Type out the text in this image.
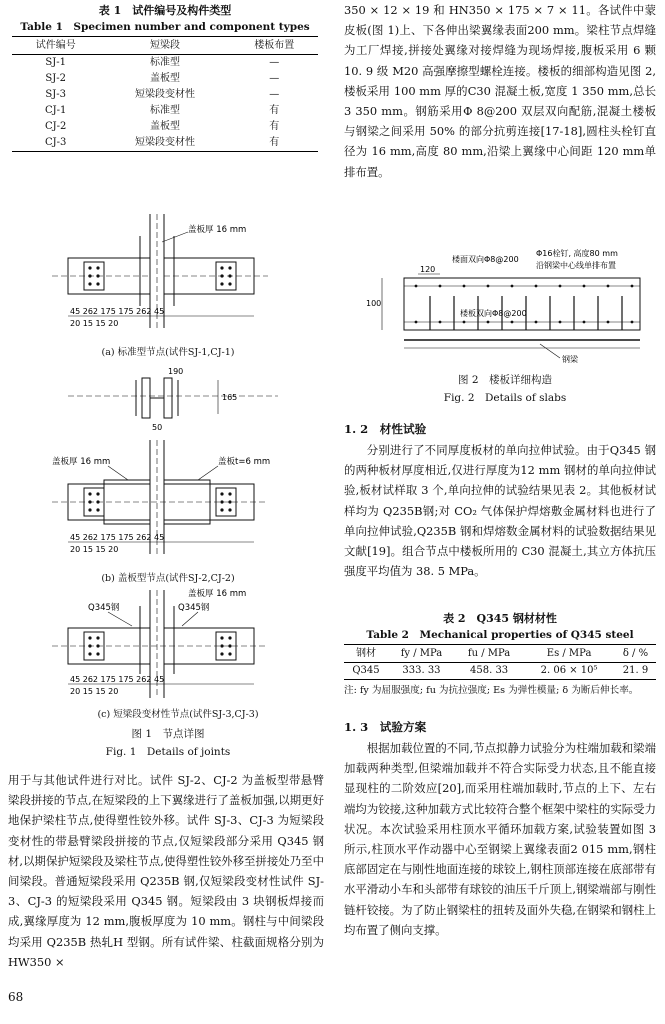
表 1　试件编号及构件类型
Table 1　Specimen number and component types
试件编号	短梁段	楼板布置
SJ-1	标准型	—
SJ-2	盖板型	—
SJ-3	短梁段变材性	—
CJ-1	标准型	有
CJ-2	盖板型	有
CJ-3	短梁段变材性	有
盖板厚 16 mm
45 262 175 175 262 45
20 15 15 20
(a) 标准型节点(试件SJ-1,CJ-1)
190
50
165
盖板厚 16 mm	盖板t=6 mm
45 262 175 175 262 45
20 15 15 20
(b) 盖板型节点(试件SJ-2,CJ-2)
盖板厚 16 mm
Q345钢	Q345钢
45 262 175 175 262 45
20 15 15 20
(c) 短梁段变材性节点(试件SJ-3,CJ-3)
图 1　节点详图
Fig. 1　Details of joints

用于与其他试件进行对比。试件 SJ-2、CJ-2 为盖板型带悬臂梁段拼接的节点,在短梁段的上下翼缘进行了盖板加强,以期更好地保护梁柱节点,使得塑性铰外移。试件 SJ-3、CJ-3 为短梁段变材性的带悬臂梁段拼接的节点,仅短梁段部分采用 Q345 钢材,以期保护短梁段及梁柱节点,使得塑性铰外移至拼接处乃至中间梁段。普通短梁段采用 Q235B 钢,仅短梁段变材性试件 SJ-3、CJ-3 的短梁段采用 Q345 钢。短梁段由 3 块钢板焊接而成,翼缘厚度为 12 mm,腹板厚度为 10 mm。钢柱与中间梁段均采用 Q235B 热轧H 型钢。所有试件梁、柱截面规格分别为 HW350 ×

350 × 12 × 19 和 HN350 × 175 × 7 × 11。各试件中蒙皮板(图 1)上、下各伸出梁翼缘表面200 mm。梁柱节点焊缝为工厂焊接,拼接处翼缘对接焊缝为现场焊接,腹板采用 6 颗10. 9 级 M20 高强摩擦型螺栓连接。楼板的细部构造见图 2,楼板采用 100 mm 厚的C30 混凝土板,宽度 1 350 mm,总长3 350 mm。钢筋采用Φ 8@200 双层双向配筋,混凝土楼板与钢梁之间采用 50% 的部分抗剪连接[17-18],圆柱头栓钉直径为 16 mm,高度 80 mm,沿梁上翼缘中心间距 120 mm单排布置。

楼面双向Φ8@200
Φ16栓钉, 高度80 mm
沿钢梁中心线单排布置
楼板双向Φ8@200
钢梁
120
100
图 2　楼板详细构造
Fig. 2　Details of slabs

1. 2　材性试验

分别进行了不同厚度板材的单向拉伸试验。由于Q345 钢的两种板材厚度相近,仅进行厚度为12 mm 钢材的单向拉伸试验,板材试样取 3 个,单向拉伸的试验结果见表 2。其他板材试样均为 Q235B钢;对 CO₂ 气体保护焊熔敷金属材料也进行了单向拉伸试验,Q235B 钢和焊熔数金属材料的试验数据结果见文献[19]。组合节点中楼板所用的 C30 混凝土,其立方体抗压强度平均值为 38. 5 MPa。

表 2　Q345 钢材材性
Table 2　Mechanical properties of Q345 steel
钢材	fy / MPa	fu / MPa	Es / MPa	δ / %
Q345	333. 33	458. 33	2. 06 × 10⁵	21. 9
注: fy 为屈服强度; fu 为抗拉强度; Es 为弹性模量; δ 为断后伸长率。

1. 3　试验方案

根据加载位置的不同,节点拟静力试验分为柱端加载和梁端加载两种类型,但梁端加载并不符合实际受力状态,且不能直接显现柱的二阶效应[20],而采用柱端加载时,节点的上下、左右端均为铰接,这种加载方式比较符合整个框架中梁柱的实际受力状况。本次试验采用柱顶水平循环加载方案,试验装置如图 3 所示,柱顶水平作动器中心至钢梁上翼缘表面2 015 mm,钢柱底部固定在与刚性地面连接的球铰上,钢柱顶部连接在底部带有水平滑动小车和头部带有球铰的油压千斤顶上,钢梁端部与刚性链杆铰接。为了防止钢梁柱的扭转及面外失稳,在钢梁和钢柱上均布置了侧向支撑。

68
